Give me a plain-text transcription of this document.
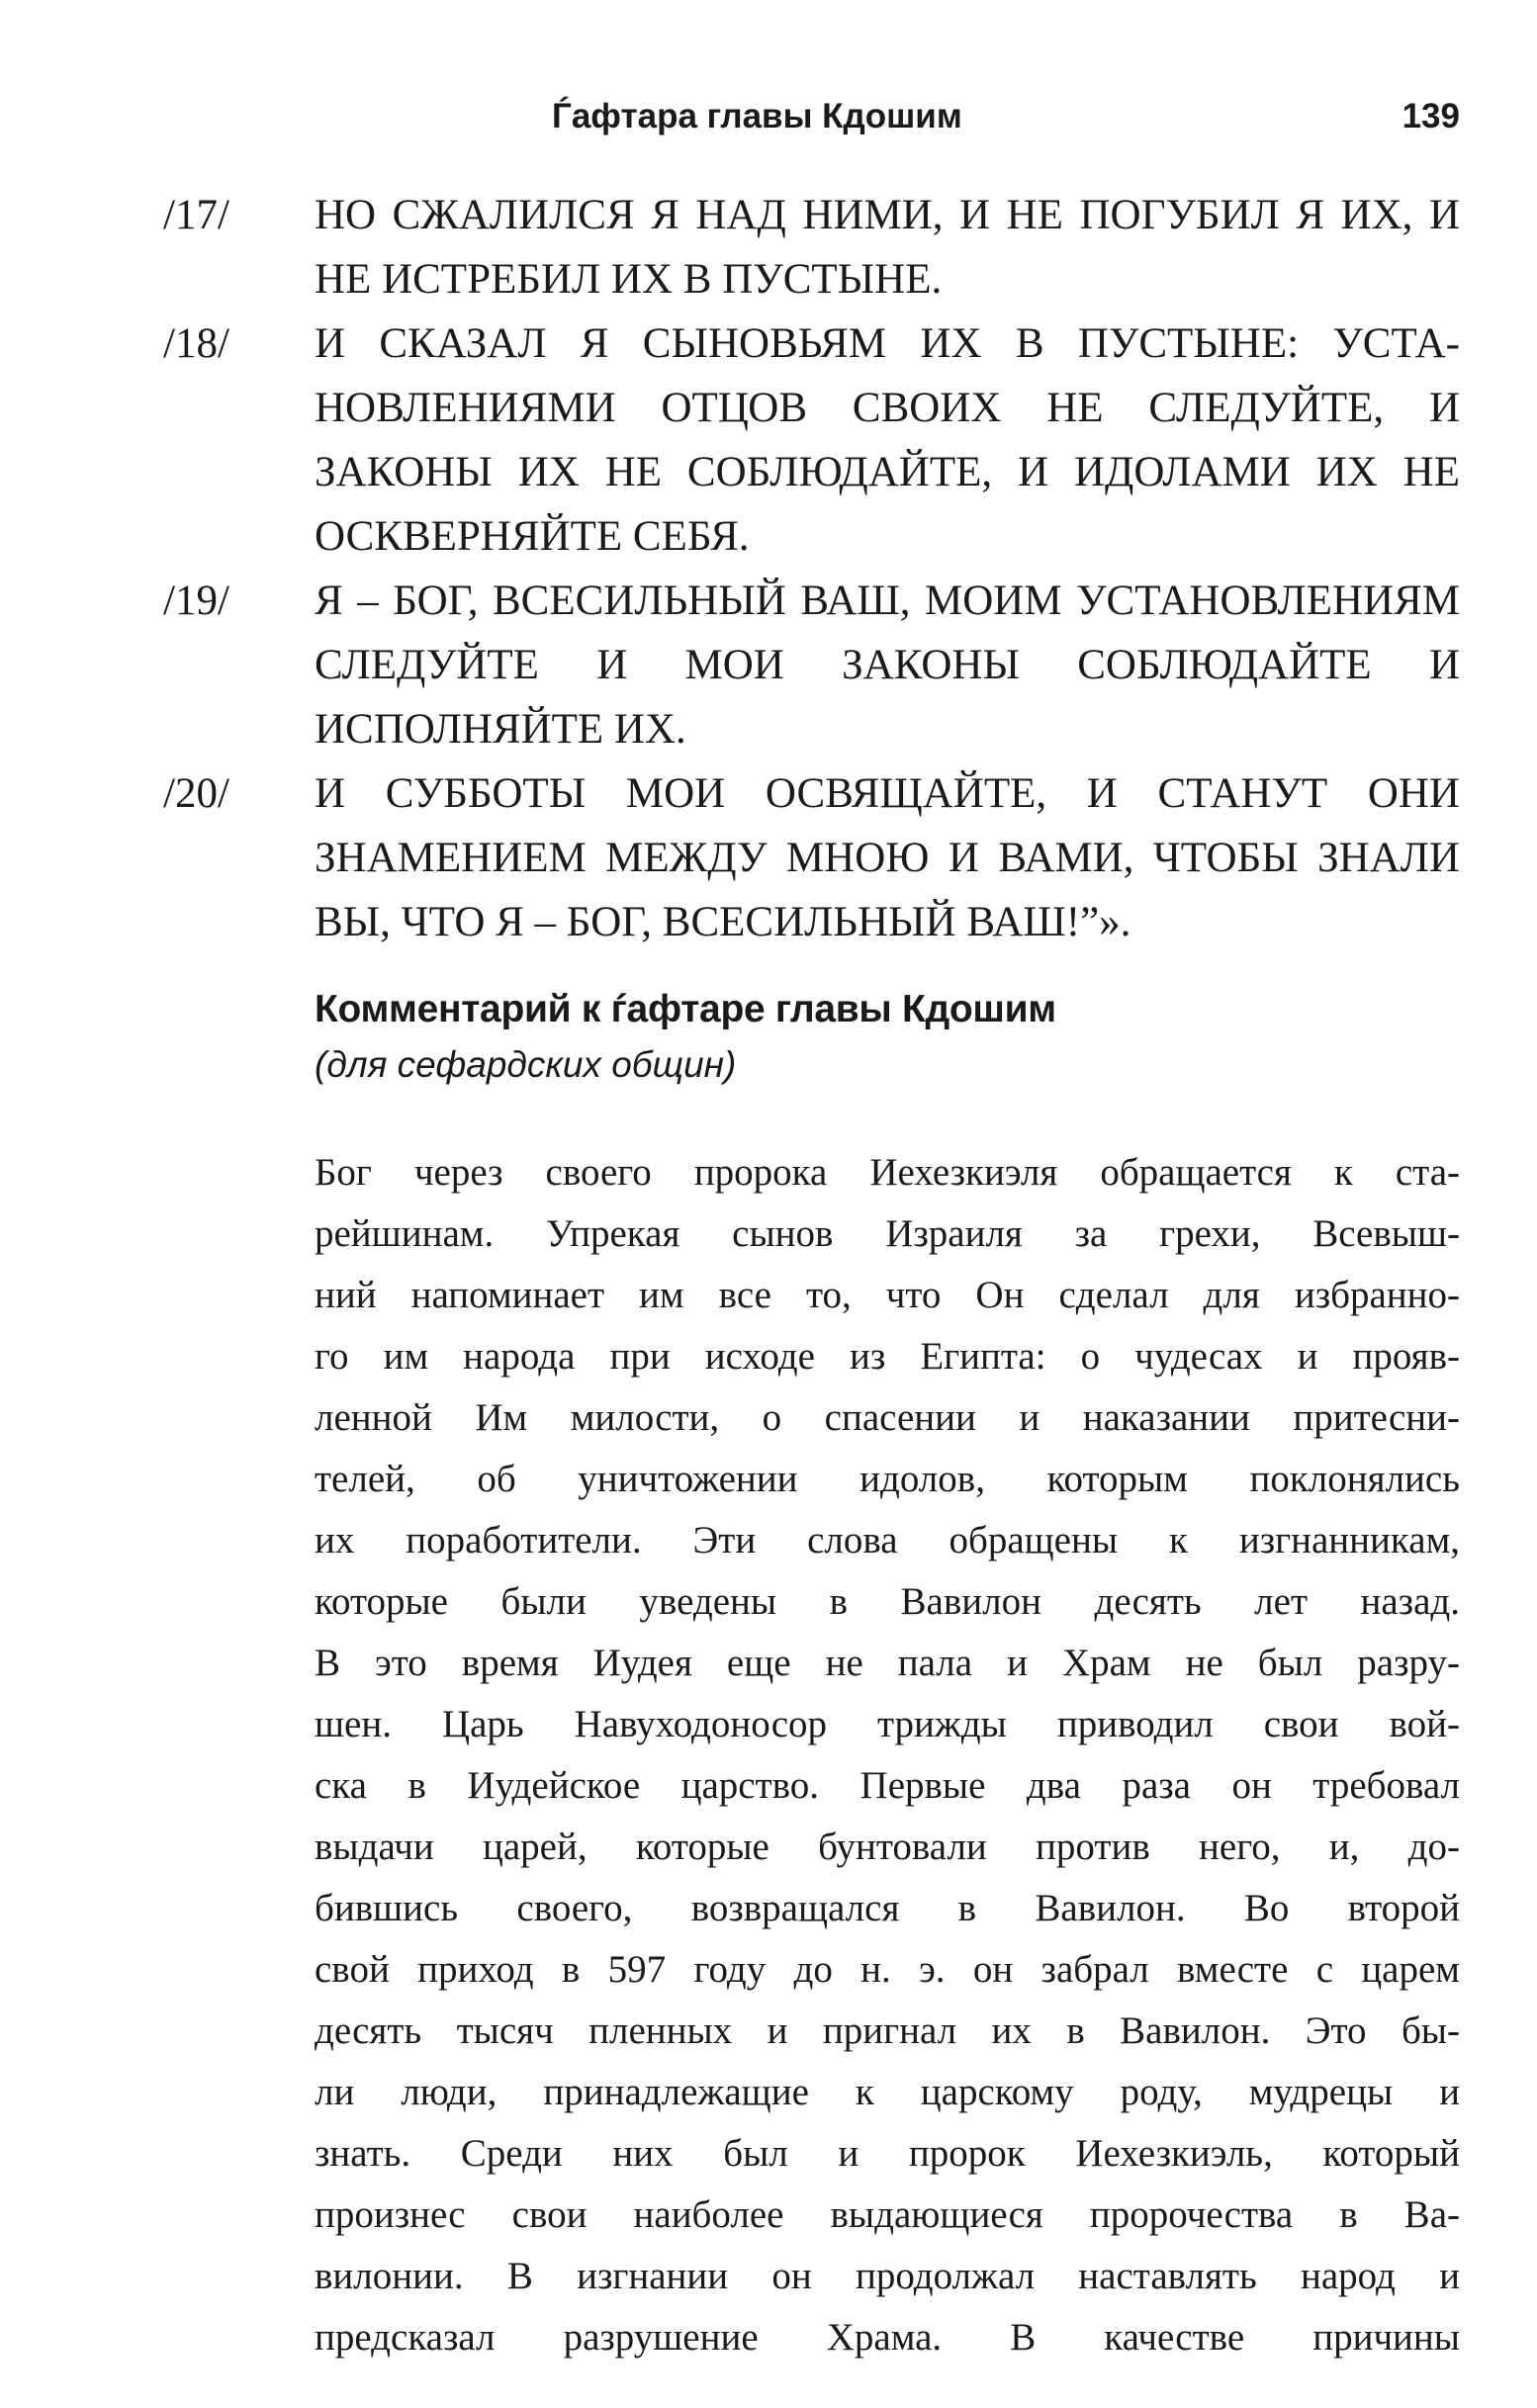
Ѓафтара главы Кдошим	139
/17/	НО СЖАЛИЛСЯ Я НАД НИМИ, И НЕ ПОГУБИЛ Я ИХ, И НЕ ИСТРЕБИЛ ИХ В ПУСТЫНЕ.
/18/	И СКАЗАЛ Я СЫНОВЬЯМ ИХ В ПУСТЫНЕ: УСТАНОВЛЕНИЯМИ ОТЦОВ СВОИХ НЕ СЛЕДУЙТЕ, И ЗАКОНЫ ИХ НЕ СОБЛЮДАЙТЕ, И ИДОЛАМИ ИХ НЕ ОСКВЕРНЯЙТЕ СЕБЯ.
/19/	Я – БОГ, ВСЕСИЛЬНЫЙ ВАШ, МОИМ УСТАНОВЛЕНИЯМ СЛЕДУЙТЕ И МОИ ЗАКОНЫ СОБЛЮДАЙТЕ И ИСПОЛНЯЙТЕ ИХ.
/20/	И СУББОТЫ МОИ ОСВЯЩАЙТЕ, И СТАНУТ ОНИ ЗНАМЕНИЕМ МЕЖДУ МНОЮ И ВАМИ, ЧТОБЫ ЗНАЛИ ВЫ, ЧТО Я – БОГ, ВСЕСИЛЬНЫЙ ВАШ!”».
Комментарий к ѓафтаре главы Кдошим
(для сефардских общин)
Бог через своего пророка Иехезкиэля обращается к ста-
рейшинам. Упрекая сынов Израиля за грехи, Всевыш-
ний напоминает им все то, что Он сделал для избранно-
го им народа при исходе из Египта: о чудесах и прояв-
ленной Им милости, о спасении и наказании притесни-
телей, об уничтожении идолов, которым поклонялись
их поработители. Эти слова обращены к изгнанникам,
которые были уведены в Вавилон десять лет назад.
В это время Иудея еще не пала и Храм не был разру-
шен. Царь Навуходоносор трижды приводил свои вой-
ска в Иудейское царство. Первые два раза он требовал
выдачи царей, которые бунтовали против него, и, до-
бившись своего, возвращался в Вавилон. Во второй
свой приход в 597 году до н. э. он забрал вместе с царем
десять тысяч пленных и пригнал их в Вавилон. Это бы-
ли люди, принадлежащие к царскому роду, мудрецы и
знать. Среди них был и пророк Иехезкиэль, который
произнес свои наиболее выдающиеся пророчества в Ва-
вилонии. В изгнании он продолжал наставлять народ и
предсказал разрушение Храма. В качестве причины
